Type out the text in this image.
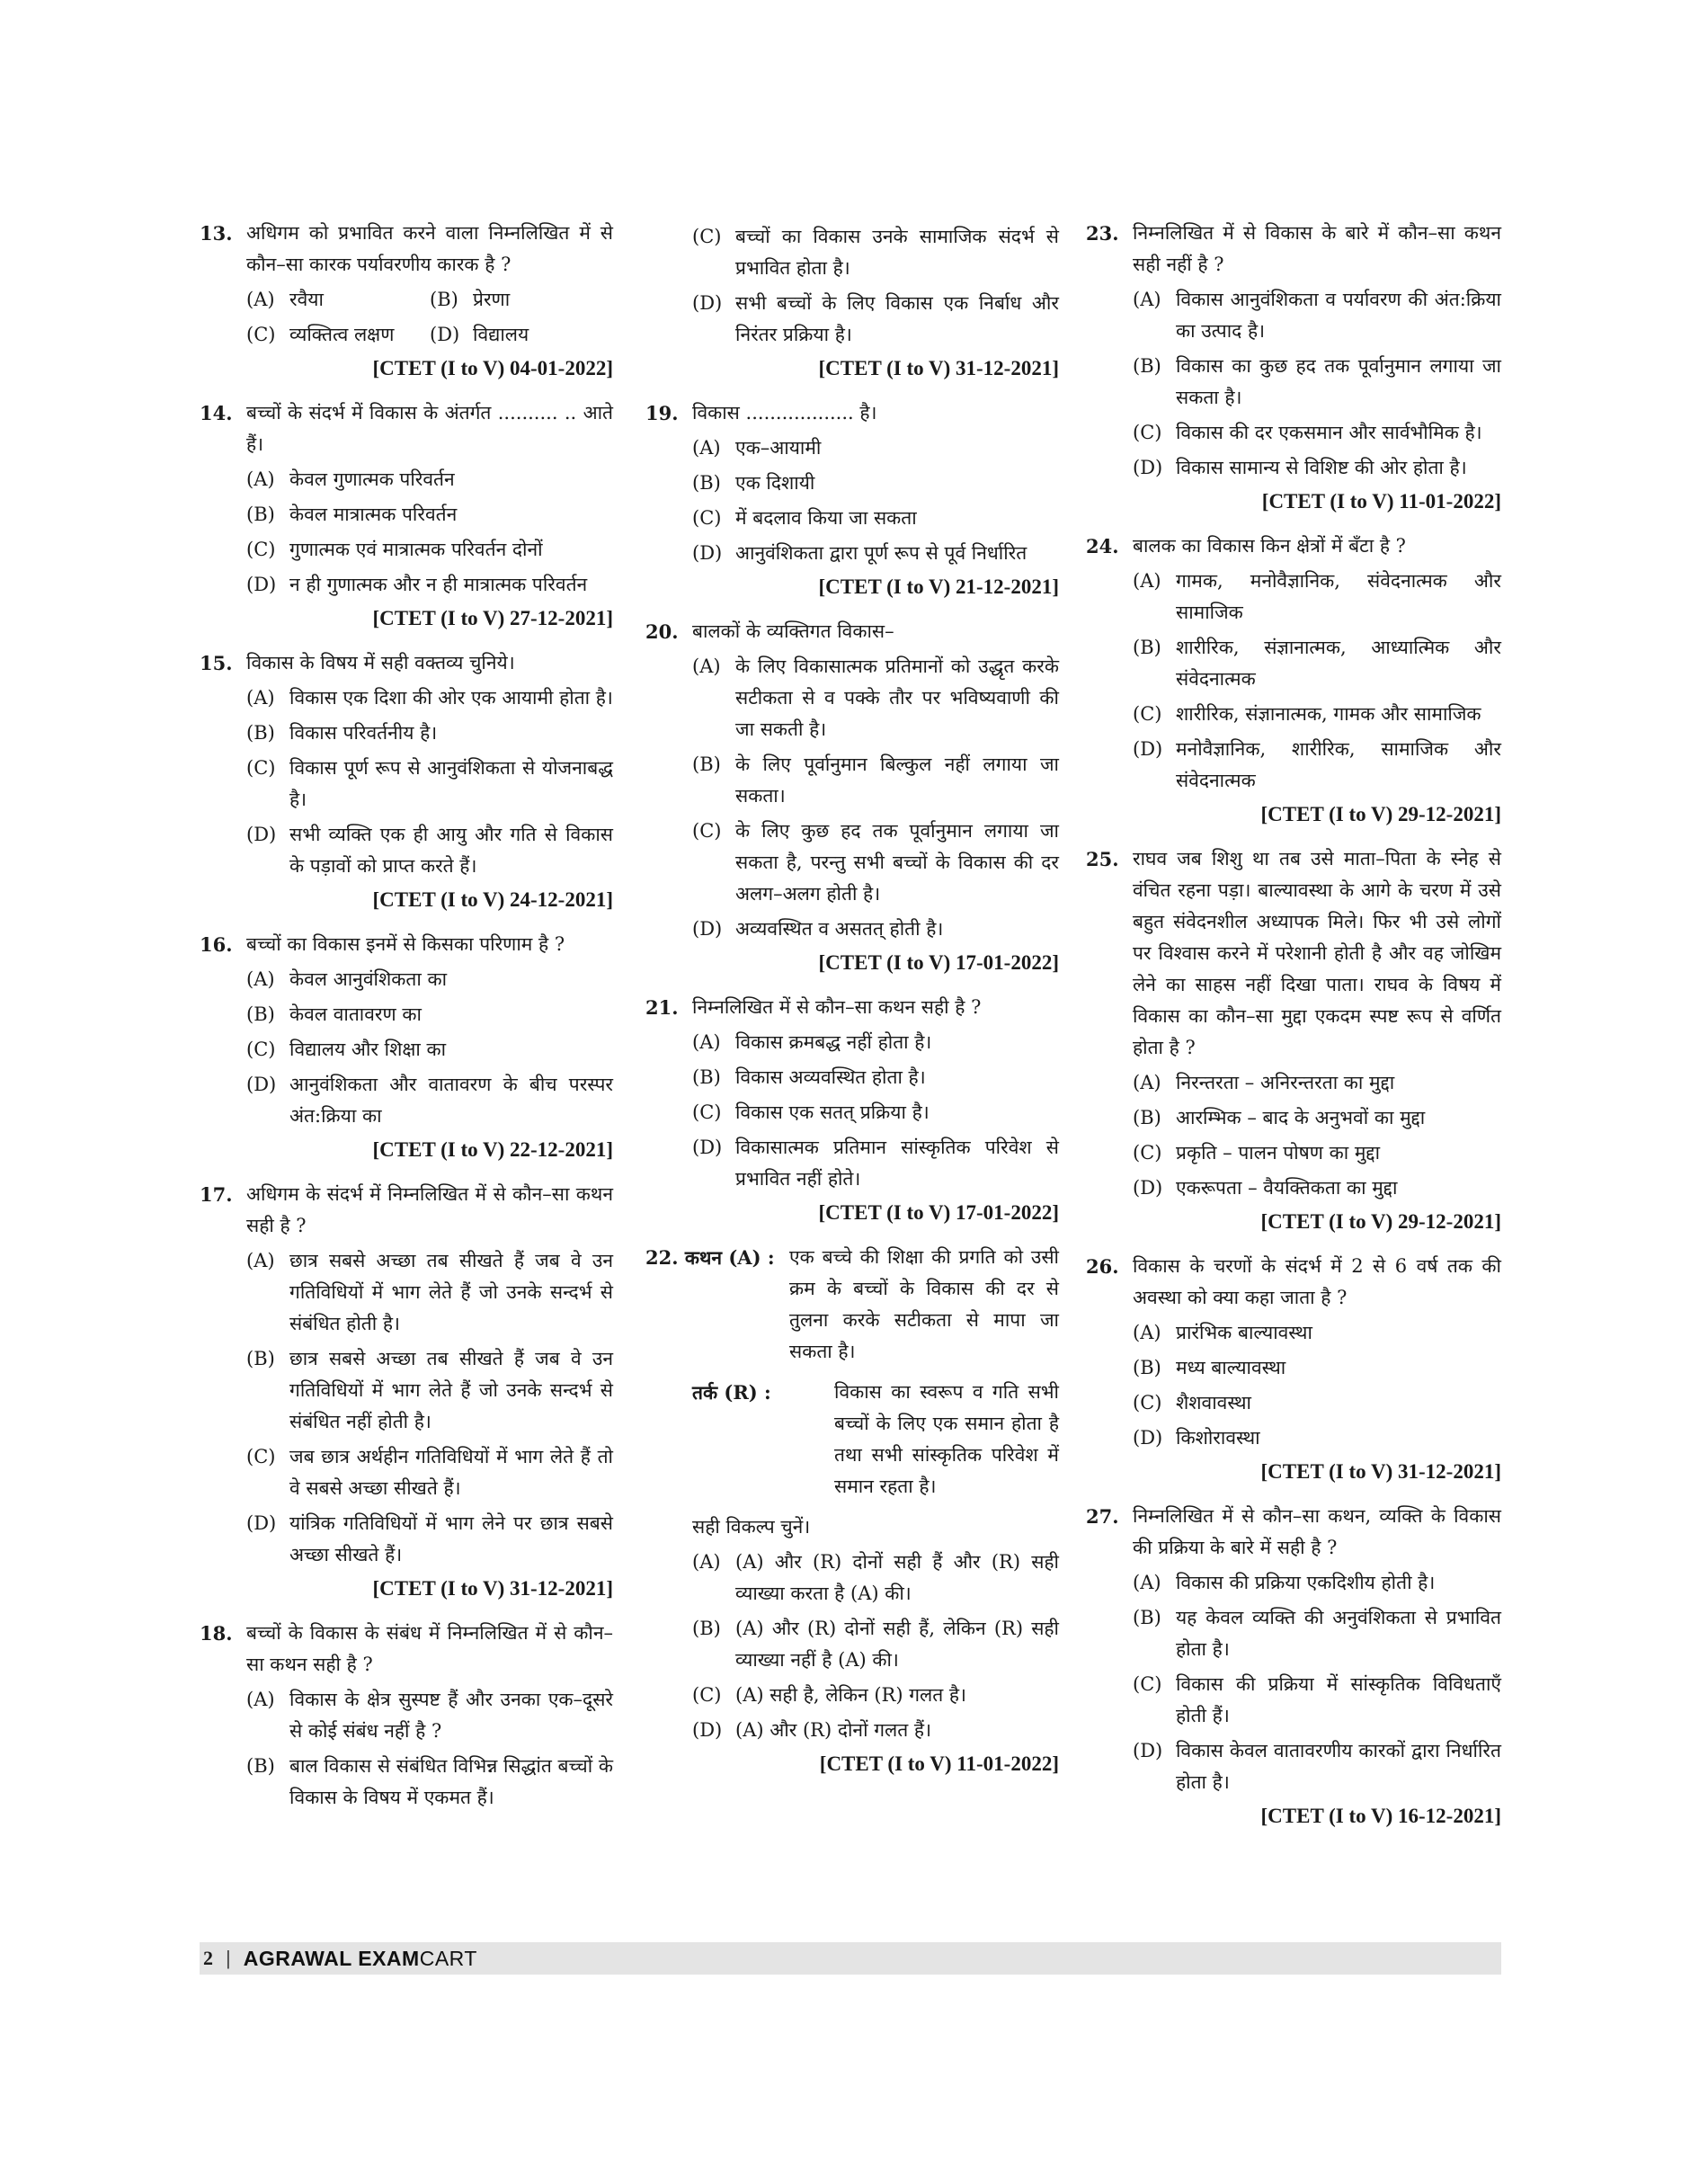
13. अधिगम को प्रभावित करने वाला निम्नलिखित में से कौन–सा कारक पर्यावरणीय कारक है ?
(A) रवैया	(B) प्रेरणा
(C) व्यक्तित्व लक्षण	(D) विद्यालय
[CTET (I to V) 04-01-2022]
14. बच्चों के संदर्भ में विकास के अंतर्गत .......... .. आते हैं।
(A) केवल गुणात्मक परिवर्तन
(B) केवल मात्रात्मक परिवर्तन
(C) गुणात्मक एवं मात्रात्मक परिवर्तन दोनों
(D) न ही गुणात्मक और न ही मात्रात्मक परिवर्तन
[CTET (I to V) 27-12-2021]
15. विकास के विषय में सही वक्तव्य चुनिये।
(A) विकास एक दिशा की ओर एक आयामी होता है।
(B) विकास परिवर्तनीय है।
(C) विकास पूर्ण रूप से आनुवंशिकता से योजनाबद्ध है।
(D) सभी व्यक्ति एक ही आयु और गति से विकास के पड़ावों को प्राप्त करते हैं।
[CTET (I to V) 24-12-2021]
16. बच्चों का विकास इनमें से किसका परिणाम है ?
(A) केवल आनुवंशिकता का
(B) केवल वातावरण का
(C) विद्यालय और शिक्षा का
(D) आनुवंशिकता और वातावरण के बीच परस्पर अंत:क्रिया का
[CTET (I to V) 22-12-2021]
17. अधिगम के संदर्भ में निम्नलिखित में से कौन–सा कथन सही है ?
(A) छात्र सबसे अच्छा तब सीखते हैं जब वे उन गतिविधियों में भाग लेते हैं जो उनके सन्दर्भ से संबंधित होती है।
(B) छात्र सबसे अच्छा तब सीखते हैं जब वे उन गतिविधियों में भाग लेते हैं जो उनके सन्दर्भ से संबंधित नहीं होती है।
(C) जब छात्र अर्थहीन गतिविधियों में भाग लेते हैं तो वे सबसे अच्छा सीखते हैं।
(D) यांत्रिक गतिविधियों में भाग लेने पर छात्र सबसे अच्छा सीखते हैं।
[CTET (I to V) 31-12-2021]
18. बच्चों के विकास के संबंध में निम्नलिखित में से कौन–सा कथन सही है ?
(A) विकास के क्षेत्र सुस्पष्ट हैं और उनका एक–दूसरे से कोई संबंध नहीं है ?
(B) बाल विकास से संबंधित विभिन्न सिद्धांत बच्चों के विकास के विषय में एकमत हैं।
(C) बच्चों का विकास उनके सामाजिक संदर्भ से प्रभावित होता है।
(D) सभी बच्चों के लिए विकास एक निर्बाध और निरंतर प्रक्रिया है।
[CTET (I to V) 31-12-2021]
19. विकास .................. है।
(A) एक–आयामी
(B) एक दिशायी
(C) में बदलाव किया जा सकता
(D) आनुवंशिकता द्वारा पूर्ण रूप से पूर्व निर्धारित
[CTET (I to V) 21-12-2021]
20. बालकों के व्यक्तिगत विकास–
(A) के लिए विकासात्मक प्रतिमानों को उद्धृत करके सटीकता से व पक्के तौर पर भविष्यवाणी की जा सकती है।
(B) के लिए पूर्वानुमान बिल्कुल नहीं लगाया जा सकता।
(C) के लिए कुछ हद तक पूर्वानुमान लगाया जा सकता है, परन्तु सभी बच्चों के विकास की दर अलग–अलग होती है।
(D) अव्यवस्थित व असतत् होती है।
[CTET (I to V) 17-01-2022]
21. निम्नलिखित में से कौन–सा कथन सही है ?
(A) विकास क्रमबद्ध नहीं होता है।
(B) विकास अव्यवस्थित होता है।
(C) विकास एक सतत् प्रक्रिया है।
(D) विकासात्मक प्रतिमान सांस्कृतिक परिवेश से प्रभावित नहीं होते।
[CTET (I to V) 17-01-2022]
22. कथन (A) : एक बच्चे की शिक्षा की प्रगति को उसी क्रम के बच्चों के विकास की दर से तुलना करके सटीकता से मापा जा सकता है।
तर्क (R) :	विकास का स्वरूप व गति सभी बच्चों के लिए एक समान होता है तथा सभी सांस्कृतिक परिवेश में समान रहता है।
सही विकल्प चुनें।
(A) (A) और (R) दोनों सही हैं और (R) सही व्याख्या करता है (A) की।
(B) (A) और (R) दोनों सही हैं, लेकिन (R) सही व्याख्या नहीं है (A) की।
(C) (A) सही है, लेकिन (R) गलत है।
(D) (A) और (R) दोनों गलत हैं।
[CTET (I to V) 11-01-2022]
23. निम्नलिखित में से विकास के बारे में कौन–सा कथन सही नहीं है ?
(A) विकास आनुवंशिकता व पर्यावरण की अंत:क्रिया का उत्पाद है।
(B) विकास का कुछ हद तक पूर्वानुमान लगाया जा सकता है।
(C) विकास की दर एकसमान और सार्वभौमिक है।
(D) विकास सामान्य से विशिष्ट की ओर होता है।
[CTET (I to V) 11-01-2022]
24. बालक का विकास किन क्षेत्रों में बँटा है ?
(A) गामक, मनोवैज्ञानिक, संवेदनात्मक और सामाजिक
(B) शारीरिक, संज्ञानात्मक, आध्यात्मिक और संवेदनात्मक
(C) शारीरिक, संज्ञानात्मक, गामक और सामाजिक
(D) मनोवैज्ञानिक, शारीरिक, सामाजिक और संवेदनात्मक
[CTET (I to V) 29-12-2021]
25. राघव जब शिशु था तब उसे माता–पिता के स्नेह से वंचित रहना पड़ा। बाल्यावस्था के आगे के चरण में उसे बहुत संवेदनशील अध्यापक मिले। फिर भी उसे लोगों पर विश्वास करने में परेशानी होती है और वह जोखिम लेने का साहस नहीं दिखा पाता। राघव के विषय में विकास का कौन–सा मुद्दा एकदम स्पष्ट रूप से वर्णित होता है ?
(A) निरन्तरता – अनिरन्तरता का मुद्दा
(B) आरम्भिक – बाद के अनुभवों का मुद्दा
(C) प्रकृति – पालन पोषण का मुद्दा
(D) एकरूपता – वैयक्तिकता का मुद्दा
[CTET (I to V) 29-12-2021]
26. विकास के चरणों के संदर्भ में 2 से 6 वर्ष तक की अवस्था को क्या कहा जाता है ?
(A) प्रारंभिक बाल्यावस्था
(B) मध्य बाल्यावस्था
(C) शैशवावस्था
(D) किशोरावस्था
[CTET (I to V) 31-12-2021]
27. निम्नलिखित में से कौन–सा कथन, व्यक्ति के विकास की प्रक्रिया के बारे में सही है ?
(A) विकास की प्रक्रिया एकदिशीय होती है।
(B) यह केवल व्यक्ति की अनुवंशिकता से प्रभावित होता है।
(C) विकास की प्रक्रिया में सांस्कृतिक विविधताएँ होती हैं।
(D) विकास केवल वातावरणीय कारकों द्वारा निर्धारित होता है।
[CTET (I to V) 16-12-2021]
2 | AGRAWAL EXAMCART
